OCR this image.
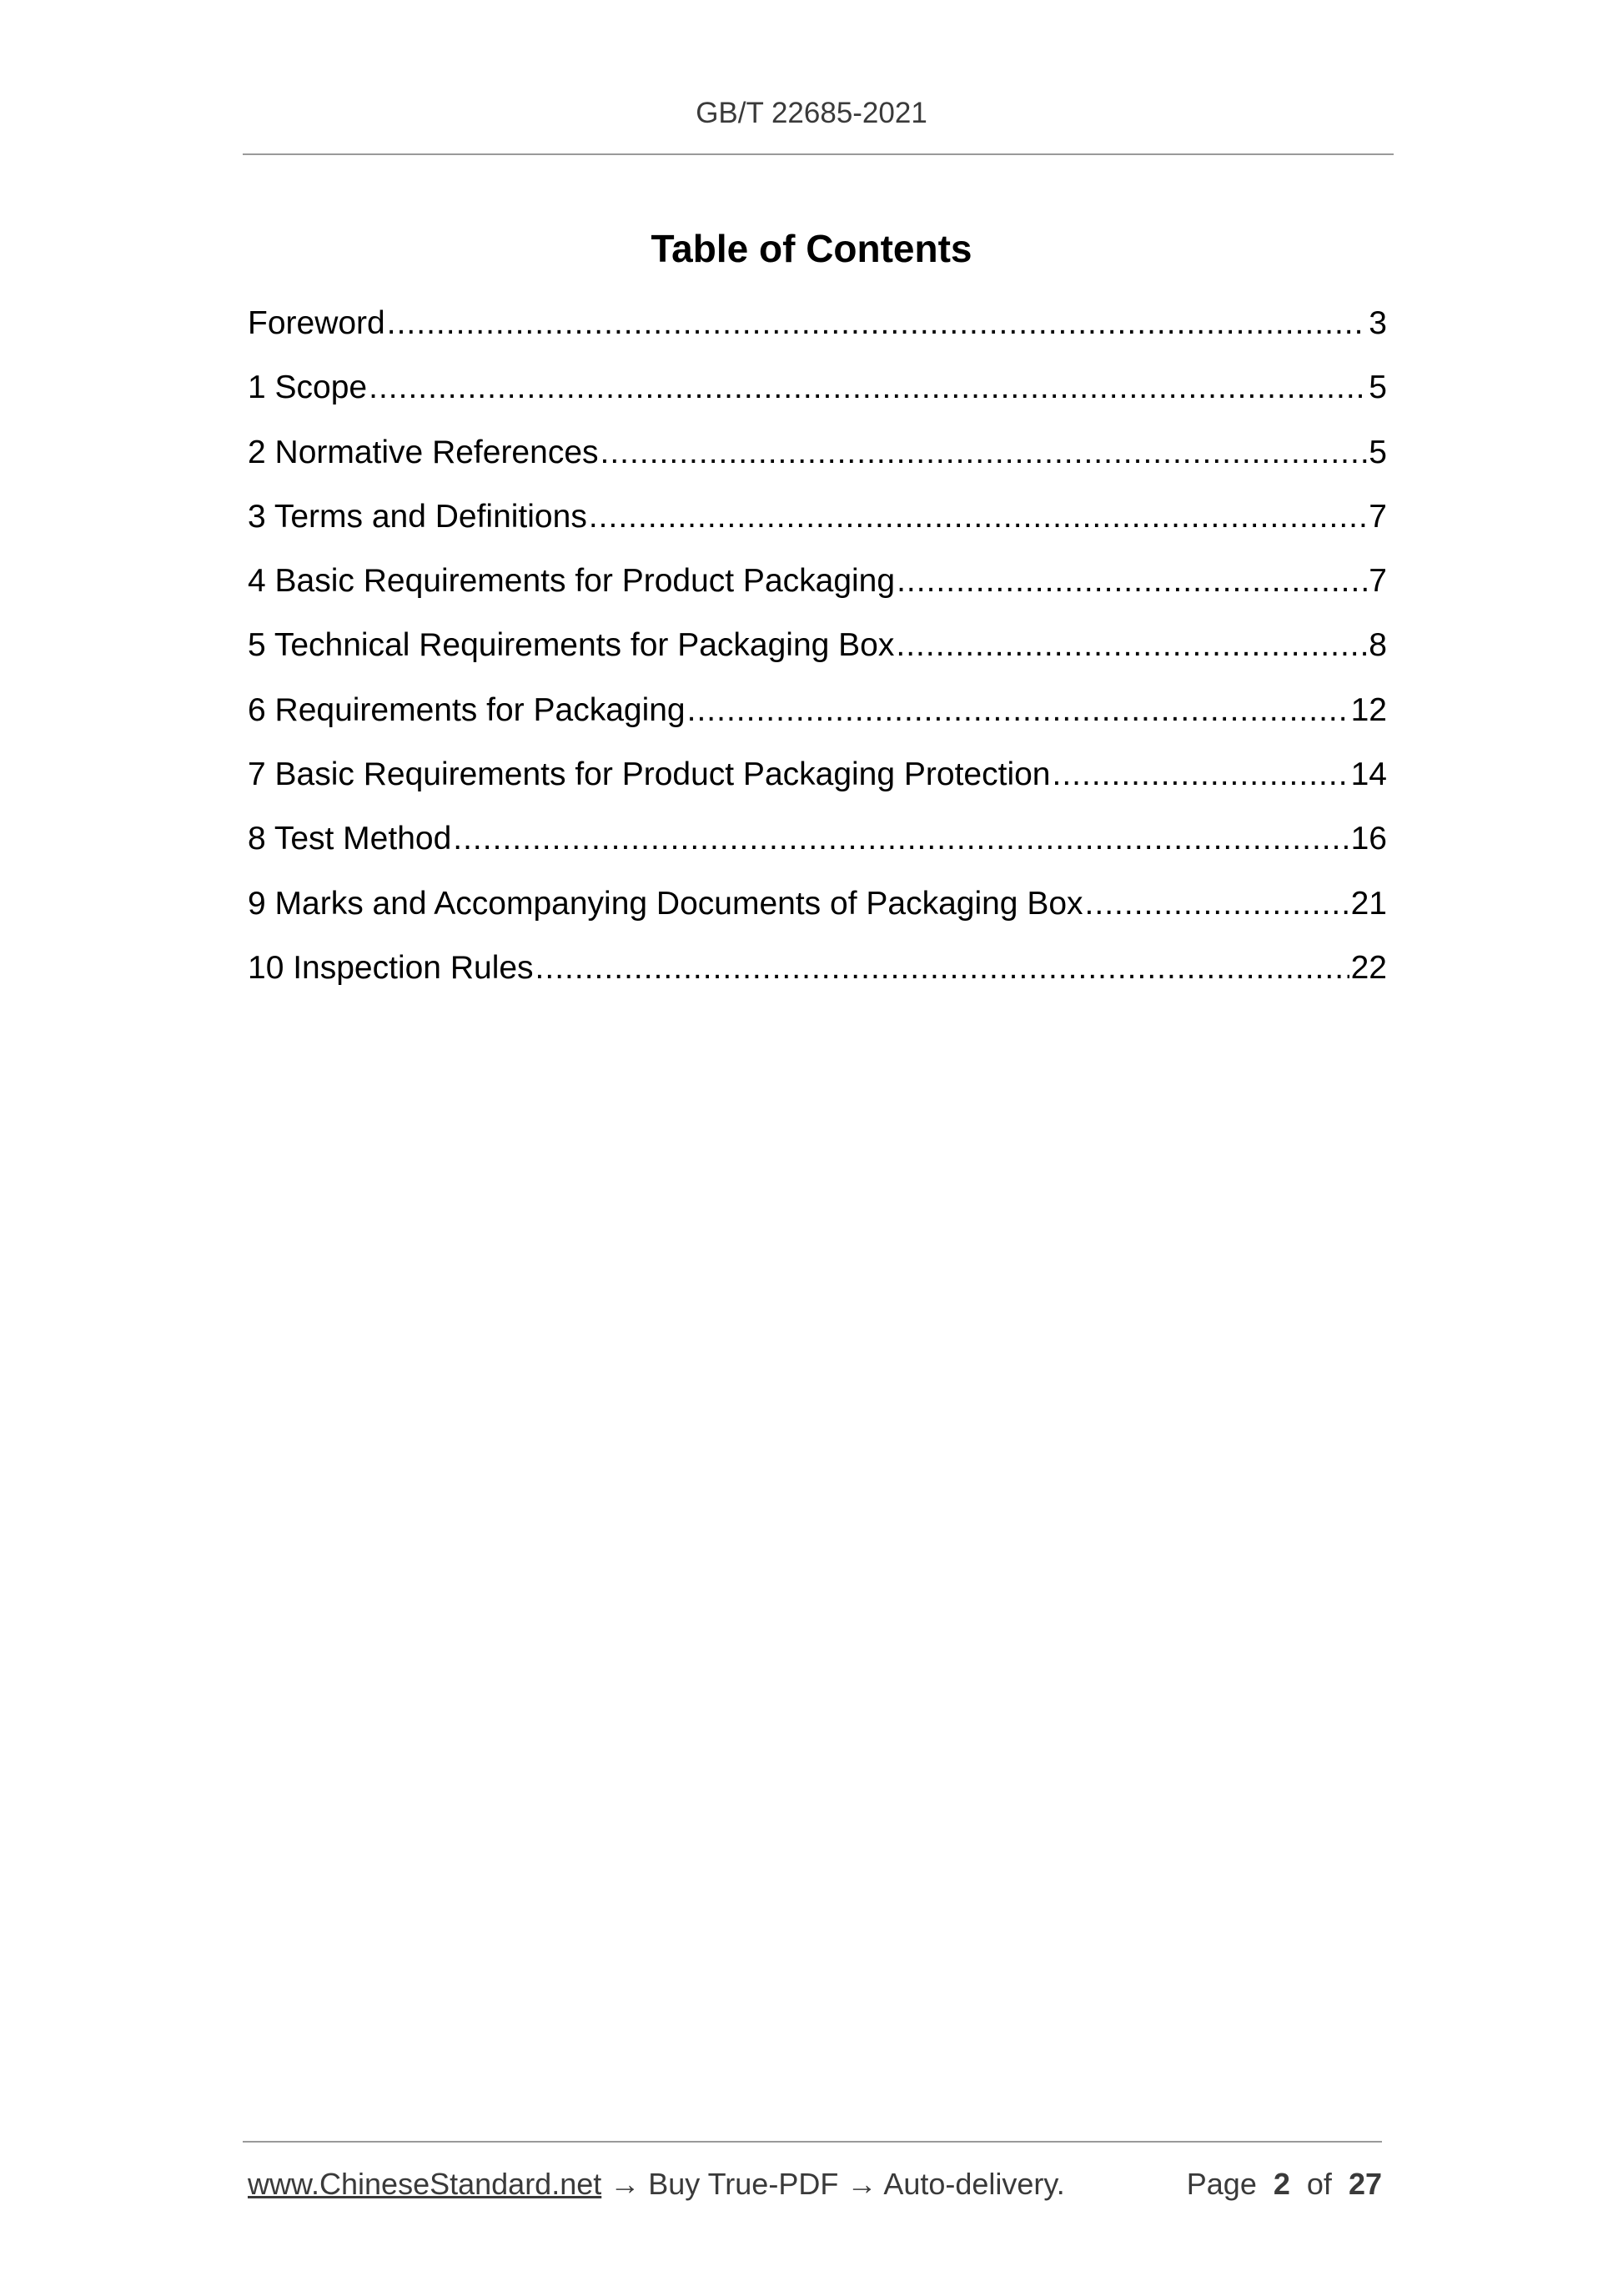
GB/T 22685-2021
Table of Contents
Foreword .....	3
1 Scope .....	5
2 Normative References .....	5
3 Terms and Definitions .....	7
4 Basic Requirements for Product Packaging .....	7
5 Technical Requirements for Packaging Box .....	8
6 Requirements for Packaging .....	12
7 Basic Requirements for Product Packaging Protection .....	14
8 Test Method .....	16
9 Marks and Accompanying Documents of Packaging Box .....	21
10 Inspection Rules .....	22
www.ChineseStandard.net → Buy True-PDF → Auto-delivery.	Page 2 of 27
